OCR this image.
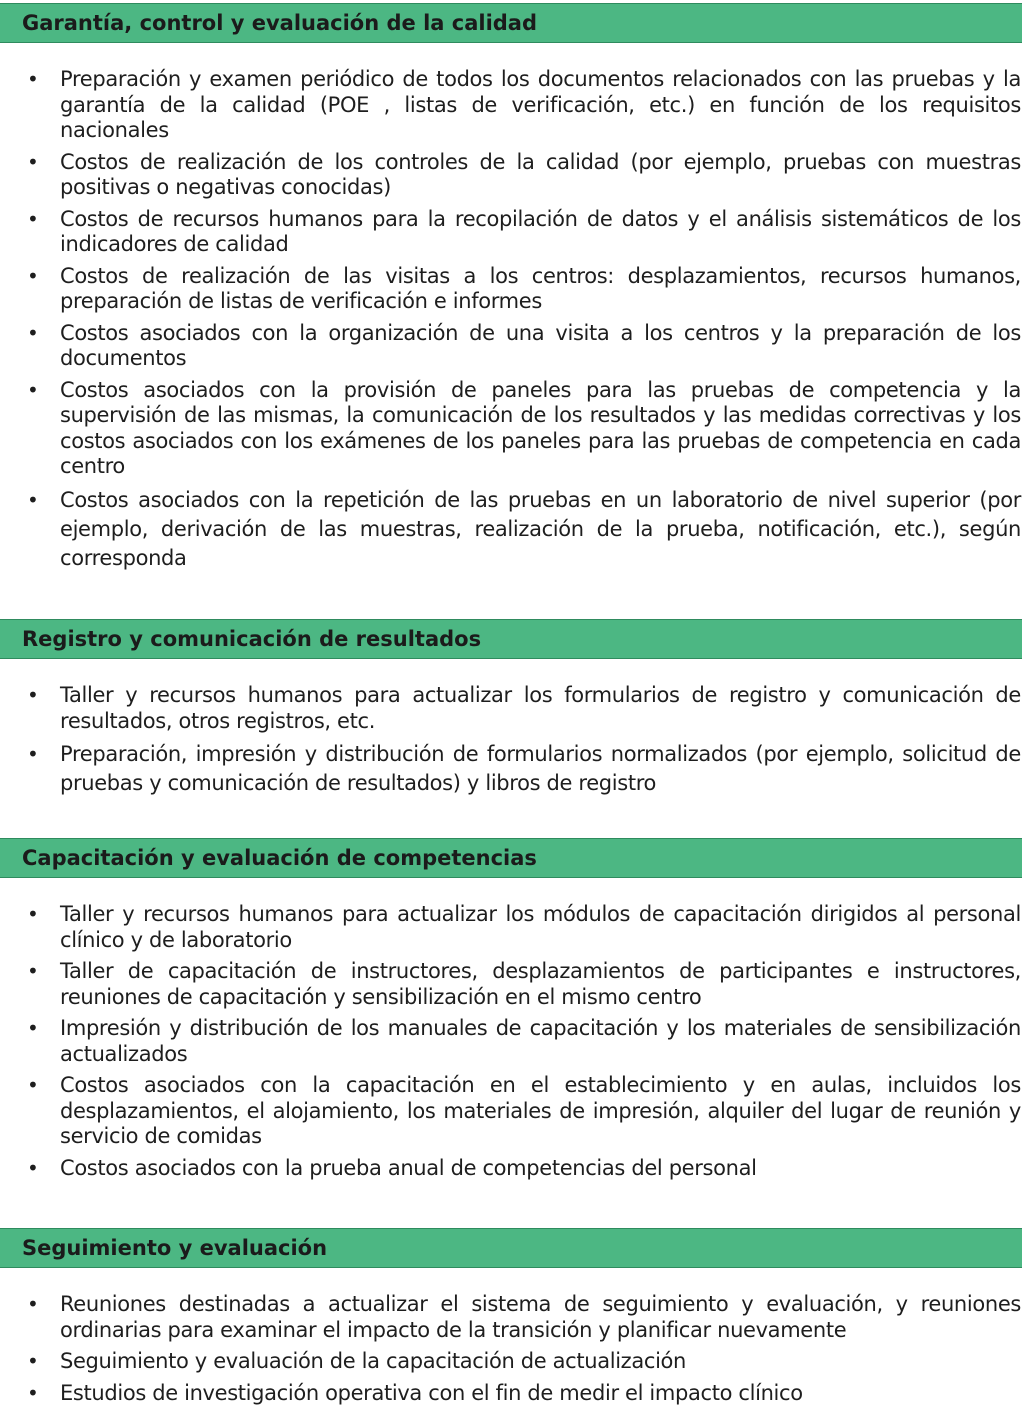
Garantía, control y evaluación de la calidad
• Preparación y examen periódico de todos los documentos relacionados con las pruebas y la garantía de la calidad (POE , listas de verificación, etc.) en función de los requisitos nacionales
• Costos de realización de los controles de la calidad (por ejemplo, pruebas con muestras positivas o negativas conocidas)
• Costos de recursos humanos para la recopilación de datos y el análisis sistemáticos de los indicadores de calidad
• Costos de realización de las visitas a los centros: desplazamientos, recursos humanos, preparación de listas de verificación e informes
• Costos asociados con la organización de una visita a los centros y la preparación de los documentos
• Costos asociados con la provisión de paneles para las pruebas de competencia y la supervisión de las mismas, la comunicación de los resultados y las medidas correctivas y los costos asociados con los exámenes de los paneles para las pruebas de competencia en cada centro
• Costos asociados con la repetición de las pruebas en un laboratorio de nivel superior (por ejemplo, derivación de las muestras, realización de la prueba, notificación, etc.), según corresponda
Registro y comunicación de resultados
• Taller y recursos humanos para actualizar los formularios de registro y comunicación de resultados, otros registros, etc.
• Preparación, impresión y distribución de formularios normalizados (por ejemplo, solicitud de pruebas y comunicación de resultados) y libros de registro
Capacitación y evaluación de competencias
• Taller y recursos humanos para actualizar los módulos de capacitación dirigidos al personal clínico y de laboratorio
• Taller de capacitación de instructores, desplazamientos de participantes e instructores, reuniones de capacitación y sensibilización en el mismo centro
• Impresión y distribución de los manuales de capacitación y los materiales de sensibilización actualizados
• Costos asociados con la capacitación en el establecimiento y en aulas, incluidos los desplazamientos, el alojamiento, los materiales de impresión, alquiler del lugar de reunión y servicio de comidas
• Costos asociados con la prueba anual de competencias del personal
Seguimiento y evaluación
• Reuniones destinadas a actualizar el sistema de seguimiento y evaluación, y reuniones ordinarias para examinar el impacto de la transición y planificar nuevamente
• Seguimiento y evaluación de la capacitación de actualización
• Estudios de investigación operativa con el fin de medir el impacto clínico
